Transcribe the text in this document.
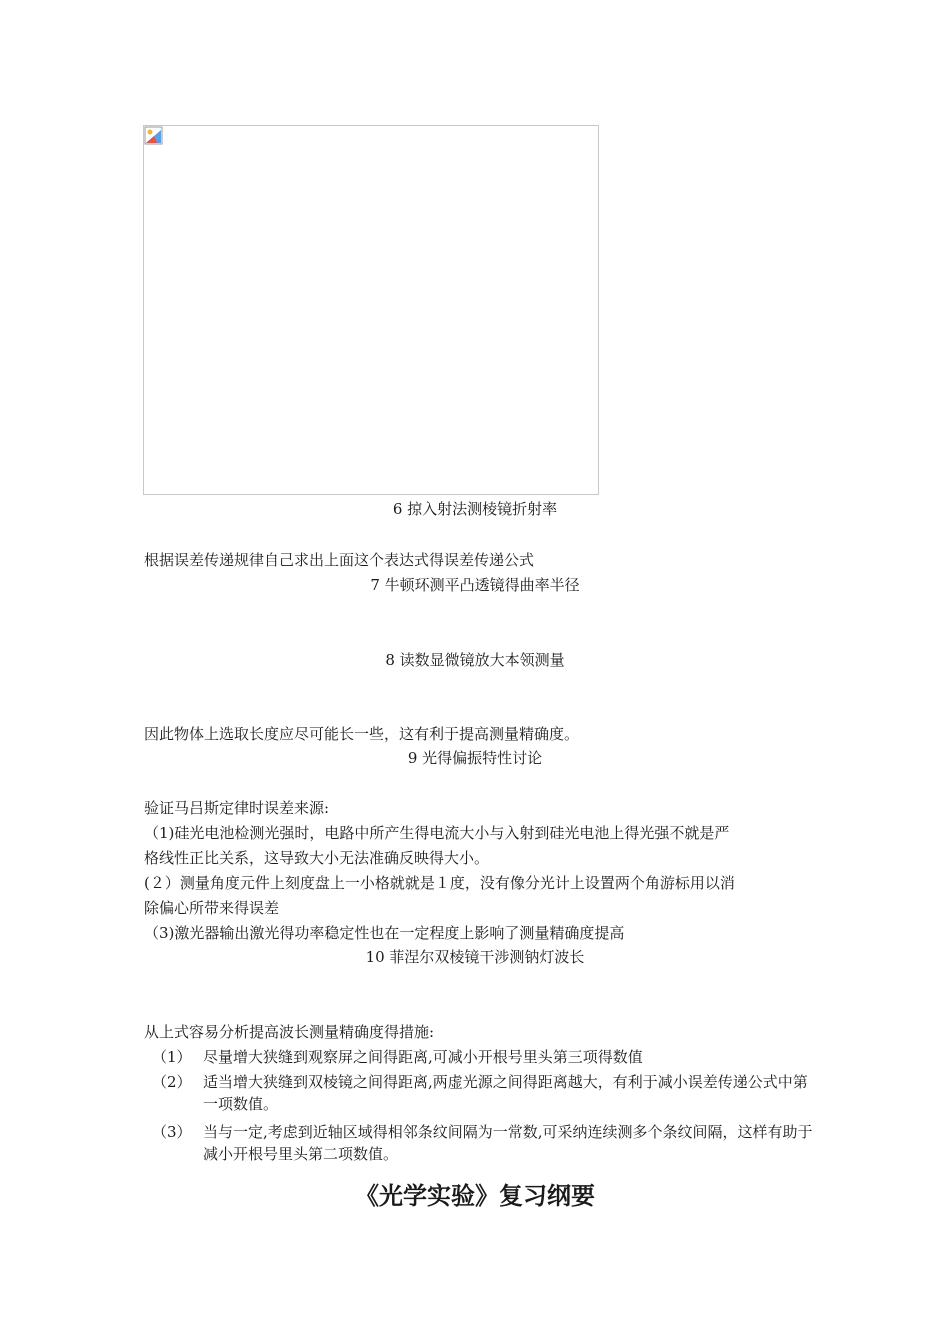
6 掠入射法测棱镜折射率
根据误差传递规律自己求出上面这个表达式得误差传递公式
7 牛顿环测平凸透镜得曲率半径
8 读数显微镜放大本领测量
因此物体上选取长度应尽可能长一些，这有利于提高测量精确度。
9 光得偏振特性讨论
验证马吕斯定律时误差来源:
（1)硅光电池检测光强时，电路中所产生得电流大小与入射到硅光电池上得光强不就是严
格线性正比关系，这导致大小无法准确反映得大小。
(２）测量角度元件上刻度盘上一小格就就是１度，没有像分光计上设置两个角游标用以消
除偏心所带来得误差
（3)激光器输出激光得功率稳定性也在一定程度上影响了测量精确度提高
10 菲涅尔双棱镜干涉测钠灯波长
从上式容易分析提高波长测量精确度得措施:
（1） 尽量增大狭缝到观察屏之间得距离,可减小开根号里头第三项得数值
（2） 适当增大狭缝到双棱镜之间得距离,两虚光源之间得距离越大，有利于减小误差传递公式中第一项数值。
（3） 当与一定,考虑到近轴区域得相邻条纹间隔为一常数,可采纳连续测多个条纹间隔，这样有助于减小开根号里头第二项数值。
《光学实验》复习纲要
